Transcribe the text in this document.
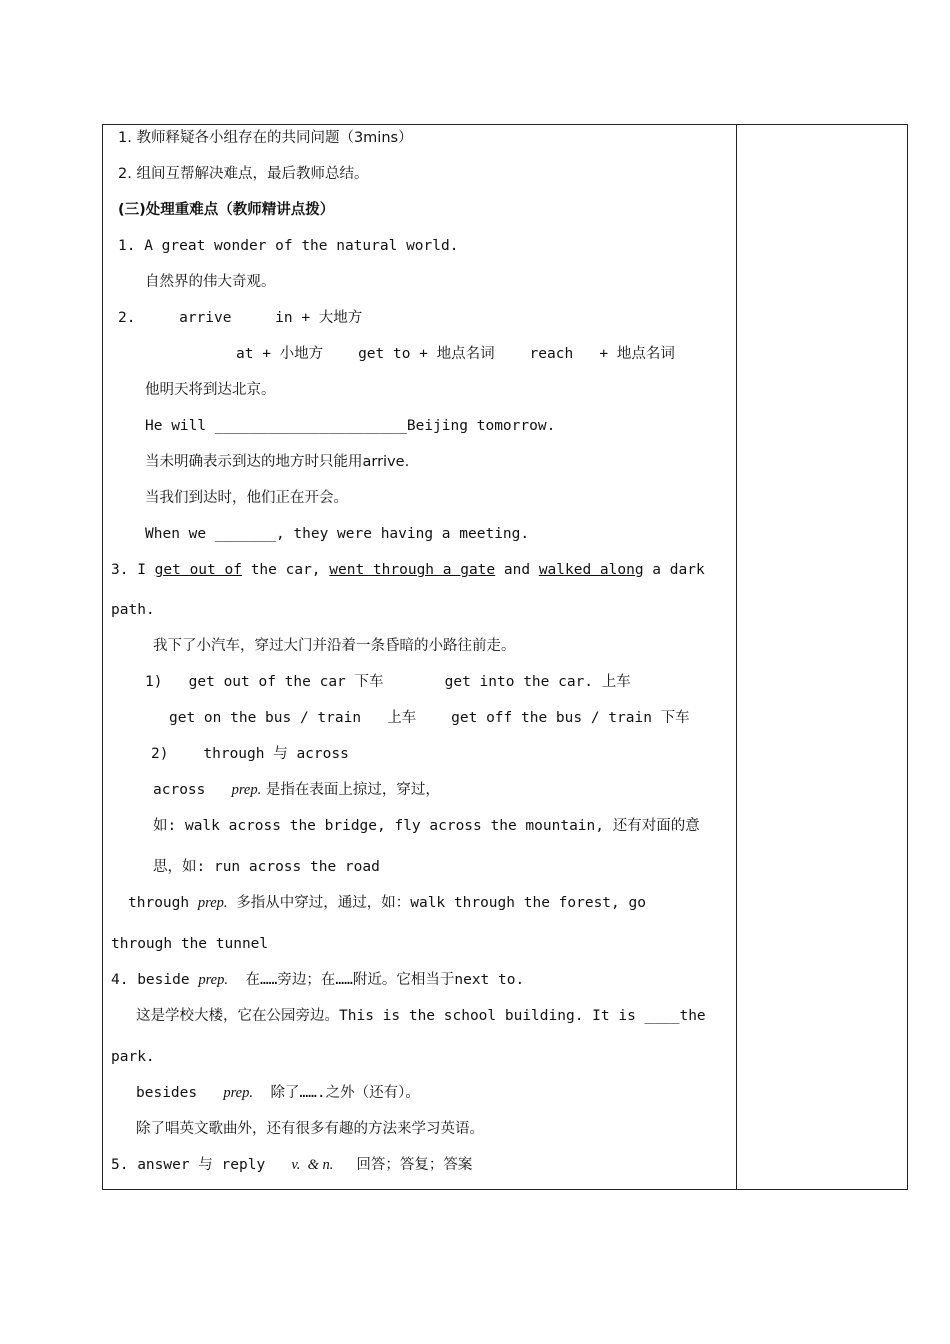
1. 教师释疑各小组存在的共同问题（3mins）
2. 组间互帮解决难点，最后教师总结。
(三)处理重难点（教师精讲点拨）
1. A great wonder of the natural world.
自然界的伟大奇观。
2.     arrive     in + 大地方
at + 小地方    get to + 地点名词    reach   + 地点名词
他明天将到达北京。
He will ______________________Beijing tomorrow.
当未明确表示到达的地方时只能用arrive.
当我们到达时，他们正在开会。
When we _______, they were having a meeting.
3. I get out of the car, went through a gate and walked along a dark
path.
我下了小汽车，穿过大门并沿着一条昏暗的小路往前走。
1)   get out of the car 下车       get into the car. 上车
get on the bus / train   上车    get off the bus / train 下车
2)    through 与 across
across   prep. 是指在表面上掠过，穿过，
如: walk across the bridge, fly across the mountain, 还有对面的意
思，如: run across the road
through prep. 多指从中穿过，通过，如：walk through the forest, go
through the tunnel
4. beside prep.  在……旁边；在……附近。它相当于next to.
这是学校大楼，它在公园旁边。This is the school building. It is ____the
park.
besides   prep.  除了…….之外（还有）。
除了唱英文歌曲外，还有很多有趣的方法来学习英语。
5. answer 与 reply   v.  & n.     回答；答复；答案
